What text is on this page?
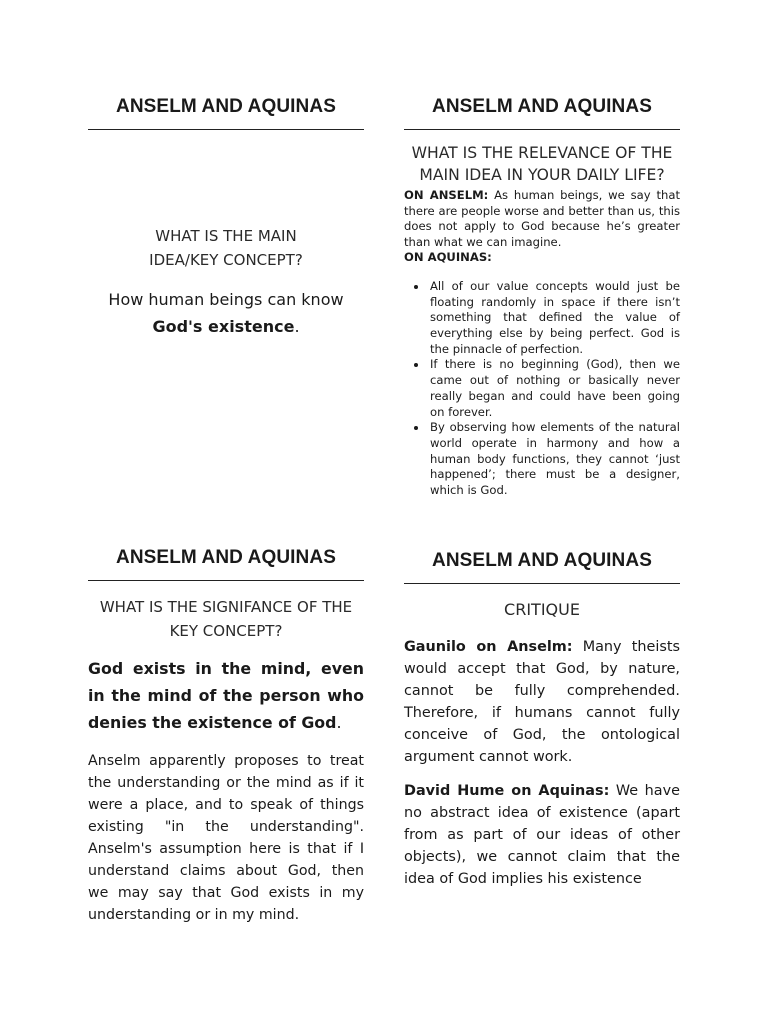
ANSELM AND AQUINAS

WHAT IS THE MAIN IDEA/KEY CONCEPT?

How human beings can know God's existence.

ANSELM AND AQUINAS

WHAT IS THE RELEVANCE OF THE MAIN IDEA IN YOUR DAILY LIFE?

ON ANSELM: As human beings, we say that there are people worse and better than us, this does not apply to God because he’s greater than what we can imagine.

ON AQUINAS:

• All of our value concepts would just be floating randomly in space if there isn’t something that defined the value of everything else by being perfect. God is the pinnacle of perfection.
• If there is no beginning (God), then we came out of nothing or basically never really began and could have been going on forever.
• By observing how elements of the natural world operate in harmony and how a human body functions, they cannot ‘just happened’; there must be a designer, which is God.
ANSELM AND AQUINAS

WHAT IS THE SIGNIFANCE OF THE KEY CONCEPT?

God exists in the mind, even in the mind of the person who denies the existence of God.

Anselm apparently proposes to treat the understanding or the mind as if it were a place, and to speak of things existing "in the understanding". Anselm's assumption here is that if I understand claims about God, then we may say that God exists in my understanding or in my mind.

ANSELM AND AQUINAS

CRITIQUE

Gaunilo on Anselm: Many theists would accept that God, by nature, cannot be fully comprehended. Therefore, if humans cannot fully conceive of God, the ontological argument cannot work.

David Hume on Aquinas: We have no abstract idea of existence (apart from as part of our ideas of other objects), we cannot claim that the idea of God implies his existence
